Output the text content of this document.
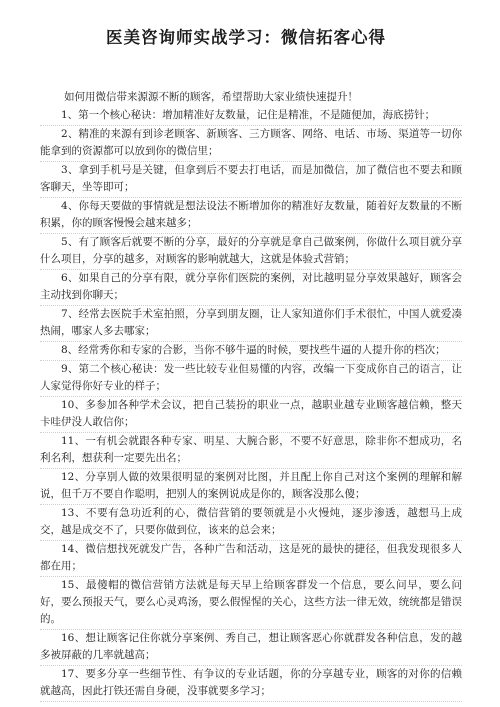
医美咨询师实战学习：微信拓客心得
如何用微信带来源源不断的顾客，希望帮助大家业绩快速提升！
1、第一个核心秘诀：增加精准好友数量，记住是精准，不是随便加，海底捞针；
2、精准的来源有到诊老顾客、新顾客、三方顾客、网络、电话、市场、渠道等一切你能拿到的资源都可以放到你的微信里；
3、拿到手机号是关键，但拿到后不要去打电话，而是加微信，加了微信也不要去和顾客聊天，坐等即可；
4、你每天要做的事情就是想法设法不断增加你的精准好友数量，随着好友数量的不断积累，你的顾客慢慢会越来越多；
5、有了顾客后就要不断的分享，最好的分享就是拿自己做案例，你做什么项目就分享什么项目，分享的越多，对顾客的影响就越大，这就是体验式营销；
6、如果自己的分享有限，就分享你们医院的案例，对比越明显分享效果越好，顾客会主动找到你聊天；
7、经常去医院手术室拍照，分享到朋友圈，让人家知道你们手术很忙，中国人就爱凑热闹，哪家人多去哪家；
8、经常秀你和专家的合影，当你不够牛逼的时候，要找些牛逼的人提升你的档次；
9、第二个核心秘诀：发一些比较专业但易懂的内容，改编一下变成你自己的语言，让人家觉得你好专业的样子；
10、多参加各种学术会议，把自己装扮的职业一点，越职业越专业顾客越信赖，整天卡哇伊没人敢信你；
11、一有机会就跟各种专家、明星、大腕合影，不要不好意思，除非你不想成功，名利名利，想获利一定要先出名；
12、分享别人做的效果很明显的案例对比图，并且配上你自己对这个案例的理解和解说，但千万不要自作聪明，把别人的案例说成是你的，顾客没那么傻；
13、不要有急功近利的心，微信营销的要领就是小火慢炖，逐步渗透，越想马上成交，越是成交不了，只要你做到位，该来的总会来；
14、微信想找死就发广告，各种广告和活动，这是死的最快的捷径，但我发现很多人都在用；
15、最傻帽的微信营销方法就是每天早上给顾客群发一个信息，要么问早，要么问好，要么预报天气，要么心灵鸡汤，要么假惺惺的关心，这些方法一律无效，统统都是错误的。
16、想让顾客记住你就分享案例、秀自己，想让顾客恶心你就群发各种信息，发的越多被屏蔽的几率就越高；
17、要多分享一些细节性、有争议的专业话题，你的分享越专业，顾客的对你的信赖就越高，因此打铁还需自身硬，没事就要多学习；
